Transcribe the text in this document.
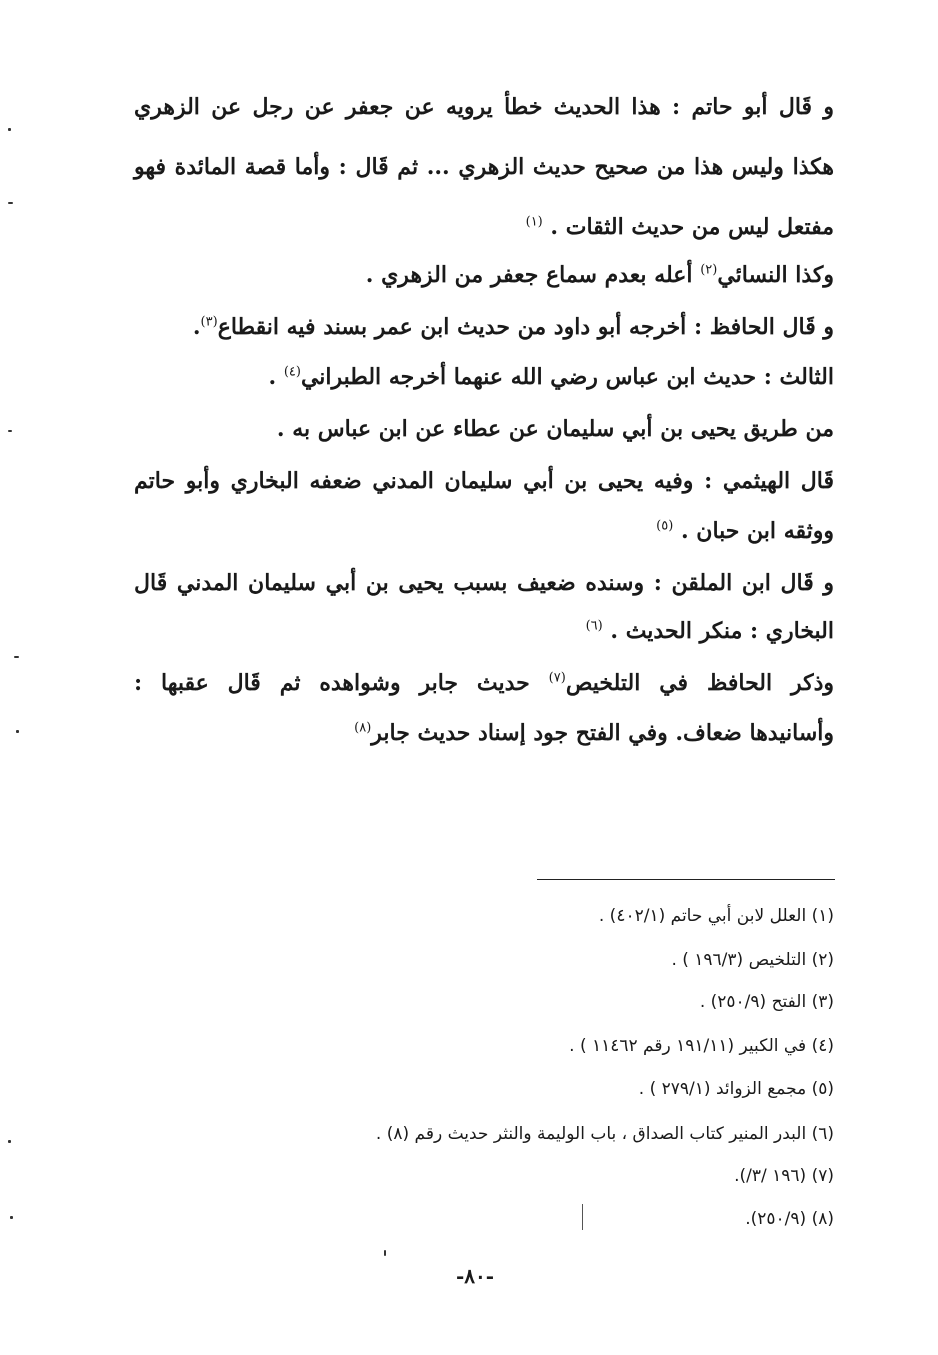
و قَال أبو حاتم : هذا الحديث خطأ يرويه عن جعفر عن رجل عن الزهري
هكذا وليس هذا من صحيح حديث الزهري ... ثم قَال : وأما قصة المائدة فهو
مفتعل ليس من حديث الثقات . $^{(١)}$
وكذا النسائي$^{(٢)}$ أعله بعدم سماع جعفر من الزهري .
و قَال الحافظ : أخرجه أبو داود من حديث ابن عمر بسند فيه انقطاع$^{(٣)}$.
الثالث : حديث ابن عباس رضي الله عنهما أخرجه الطبراني$^{(٤)}$ .
من طريق يحيى بن أبي سليمان عن عطاء عن ابن عباس به .
قَال الهيثمي : وفيه يحيى بن أبي سليمان المدني ضعفه البخاري وأبو حاتم
ووثقه ابن حبان . $^{(٥)}$
و قَال ابن الملقن : وسنده ضعيف بسبب يحيى بن أبي سليمان المدني قَال
البخاري : منكر الحديث . $^{(٦)}$
وذكر الحافظ في التلخيص$^{(٧)}$ حديث جابر وشواهده ثم قَال عقبها :
وأسانيدها ضعاف. وفي الفتح جود إسناد حديث جابر$^{(٨)}$
(١) العلل لابن أبي حاتم (٤٠٢/١) .
(٢) التلخيص (١٩٦/٣ ) .
(٣) الفتح (٢٥٠/٩) .
(٤) في الكبير (١٩١/١١ رقم ١١٤٦٢ ) .
(٥) مجمع الزوائد (٢٧٩/١ ) .
(٦) البدر المنير كتاب الصداق ، باب الوليمة والنثر حديث رقم (٨) .
(٧) (١٩٦ /٣/).
(٨) (٢٥٠/٩).
-٨٠-
